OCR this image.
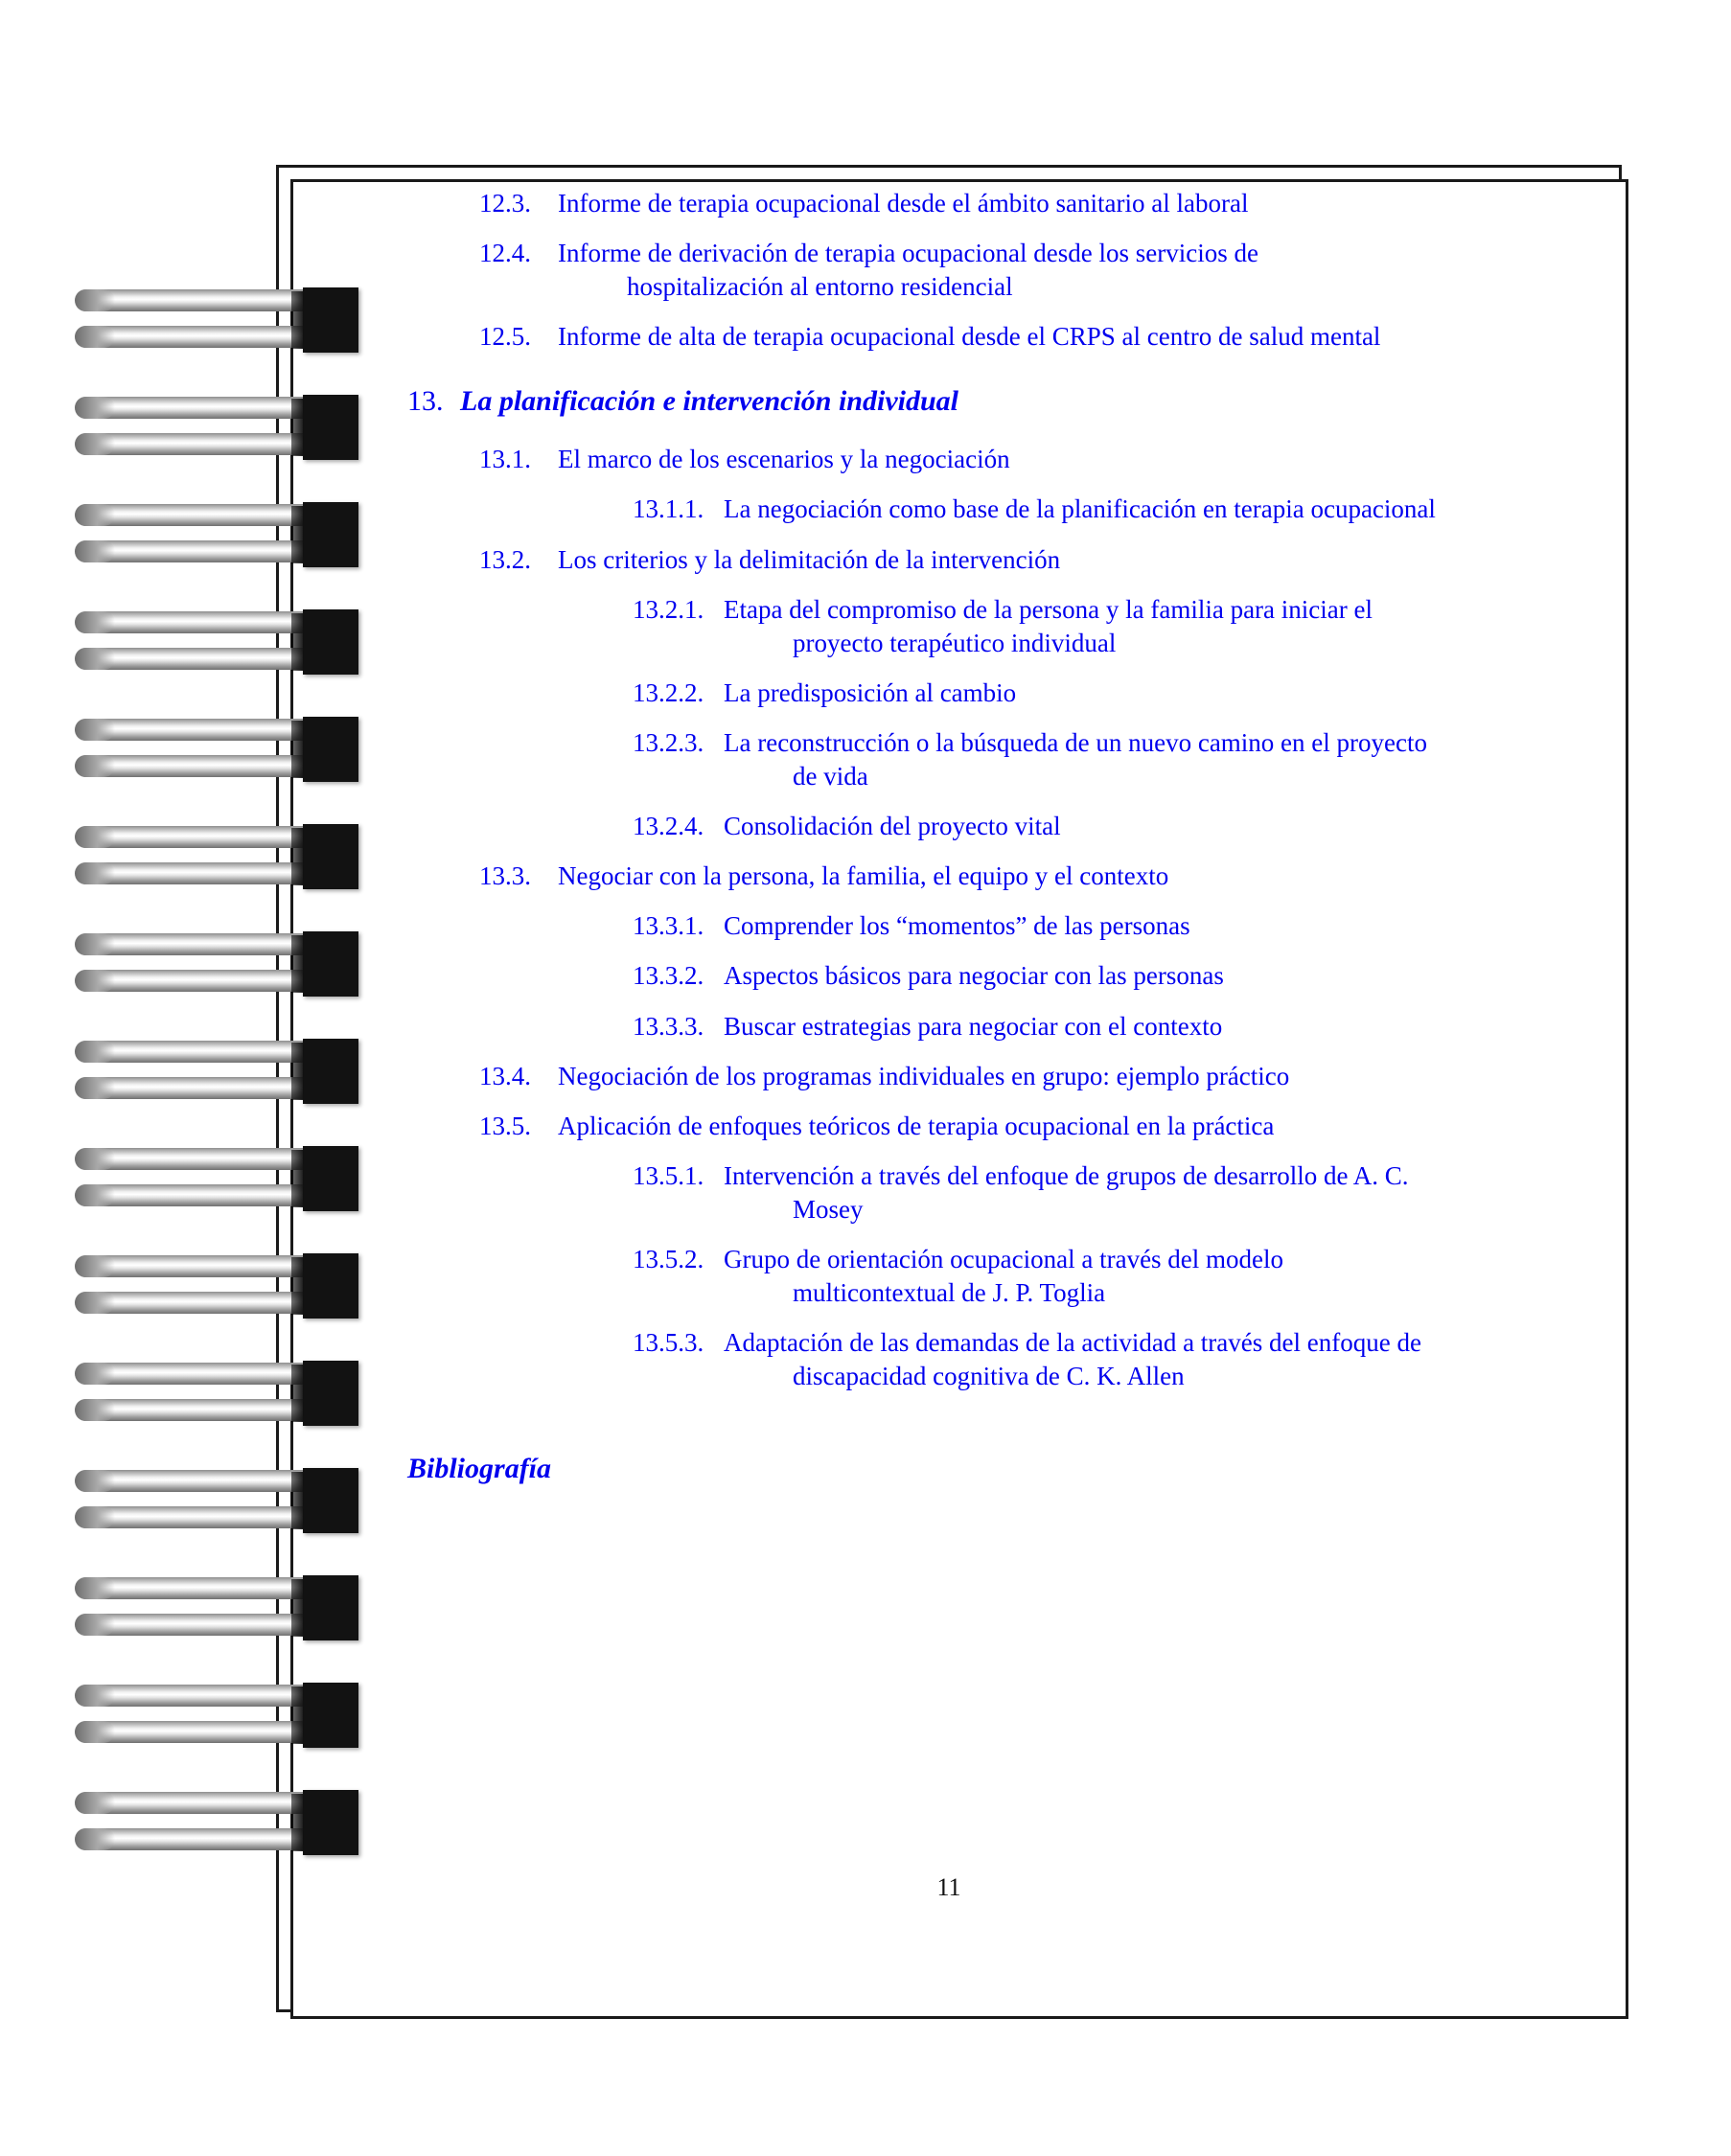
12.3.	Informe de terapia ocupacional desde el ámbito sanitario al laboral
12.4.	Informe de derivación de terapia ocupacional desde los servicios de
hospitalización al entorno residencial
12.5.	Informe de alta de terapia ocupacional desde el CRPS al centro de salud mental
13. La planificación e intervención individual
13.1.	El marco de los escenarios y la negociación
13.1.1. La negociación como base de la planificación en terapia ocupacional
13.2.	Los criterios y la delimitación de la intervención
13.2.1. Etapa del compromiso de la persona y la familia para iniciar el
proyecto terapéutico individual
13.2.2. La predisposición al cambio
13.2.3. La reconstrucción o la búsqueda de un nuevo camino en el proyecto
de vida
13.2.4. Consolidación del proyecto vital
13.3.	Negociar con la persona, la familia, el equipo y el contexto
13.3.1. Comprender los “momentos” de las personas
13.3.2. Aspectos básicos para negociar con las personas
13.3.3. Buscar estrategias para negociar con el contexto
13.4.	Negociación de los programas individuales en grupo: ejemplo práctico
13.5.	Aplicación de enfoques teóricos de terapia ocupacional en la práctica
13.5.1. Intervención a través del enfoque de grupos de desarrollo de A. C.
Mosey
13.5.2. Grupo de orientación ocupacional a través del modelo
multicontextual de J. P. Toglia
13.5.3. Adaptación de las demandas de la actividad a través del enfoque de
discapacidad cognitiva de C. K. Allen
Bibliografía
11
